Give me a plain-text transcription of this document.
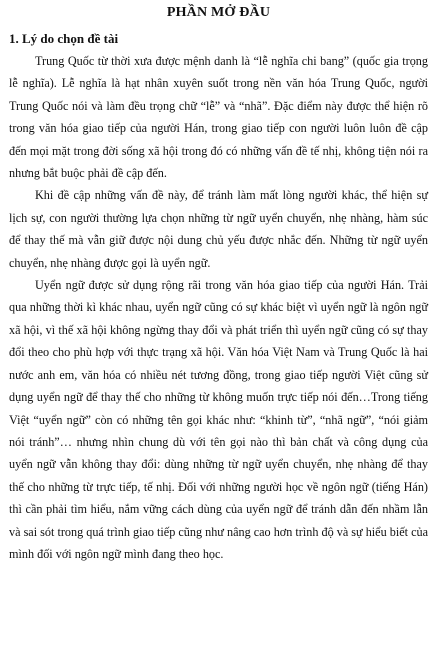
PHẦN MỞ ĐẦU
1. Lý do chọn đề tài

Trung Quốc từ thời xưa được mệnh danh là “lễ nghĩa chi bang” (quốc gia trọng lễ nghĩa). Lễ nghĩa là hạt nhân xuyên suốt trong nền văn hóa Trung Quốc, người Trung Quốc nói và làm đều trọng chữ “lễ” và “nhã”. Đặc điểm này được thể hiện rõ trong văn hóa giao tiếp của người Hán, trong giao tiếp con người luôn luôn đề cập đến mọi mặt trong đời sống xã hội trong đó có những vấn đề tế nhị, không tiện nói ra nhưng bắt buộc phải đề cập đến.

Khi đề cập những vấn đề này, để tránh làm mất lòng người khác, thể hiện sự lịch sự, con người thường lựa chọn những từ ngữ uyển chuyển, nhẹ nhàng, hàm súc để thay thế mà vẫn giữ được nội dung chủ yếu được nhắc đến. Những từ ngữ uyển chuyển, nhẹ nhàng được gọi là uyển ngữ.

Uyển ngữ được sử dụng rộng rãi trong văn hóa giao tiếp của người Hán. Trải qua những thời kì khác nhau, uyển ngữ cũng có sự khác biệt vì uyển ngữ là ngôn ngữ xã hội, vì thế xã hội không ngừng thay đổi và phát triển thì uyển ngữ cũng có sự thay đổi theo cho phù hợp với thực trạng xã hội. Văn hóa Việt Nam và Trung Quốc là hai nước anh em, văn hóa có nhiều nét tương đồng, trong giao tiếp người Việt cũng sử dụng uyển ngữ để thay thế cho những từ không muốn trực tiếp nói đến…Trong tiếng Việt “uyển ngữ” còn có những tên gọi khác như: “khinh từ”, “nhã ngữ”, “nói giảm nói tránh”… nhưng nhìn chung dù với tên gọi nào thì bản chất và công dụng của uyển ngữ vẫn không thay đổi: dùng những từ ngữ uyển chuyển, nhẹ nhàng để thay thế cho những từ trực tiếp, tế nhị. Đối với những người học về ngôn ngữ (tiếng Hán) thì cần phải tìm hiểu, nắm vững cách dùng của uyển ngữ để tránh dẫn đến nhầm lẫn và sai sót trong quá trình giao tiếp cũng như nâng cao hơn trình độ và sự hiểu biết của mình đối với ngôn ngữ mình đang theo học.
